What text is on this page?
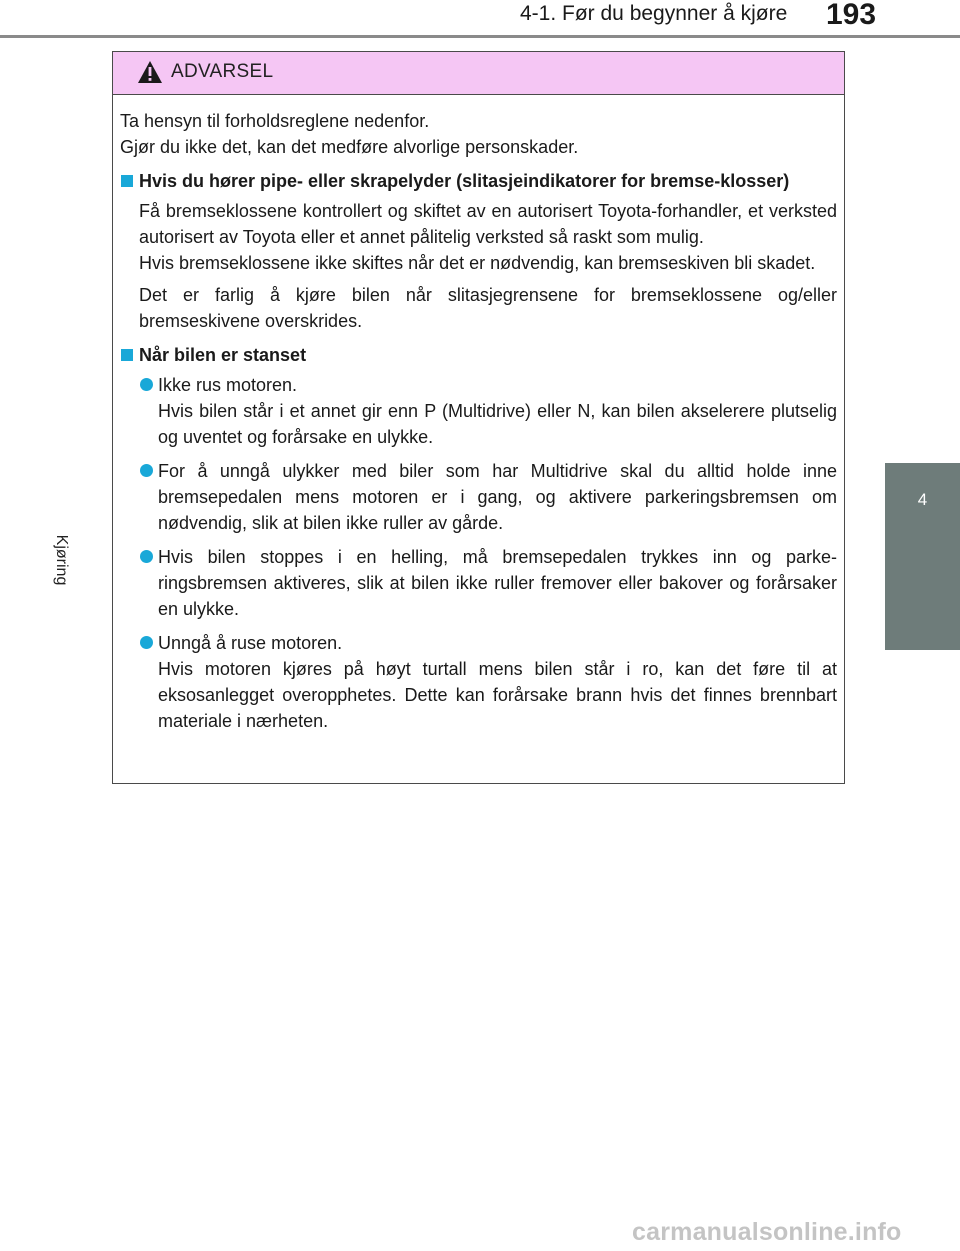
4-1. Før du begynner å kjøre 193
4
Kjøring
ADVARSEL

Ta hensyn til forholdsreglene nedenfor.

Gjør du ikke det, kan det medføre alvorlige personskader.

Hvis du hører pipe- eller skrapelyder (slitasjeindikatorer for bremse-klosser)

Få bremseklossene kontrollert og skiftet av en autorisert Toyota-forhandler, et verksted autorisert av Toyota eller et annet pålitelig verksted så raskt som mulig.

Hvis bremseklossene ikke skiftes når det er nødvendig, kan bremseskiven bli skadet.

Det er farlig å kjøre bilen når slitasjegrensene for bremseklossene og/eller bremseskivene overskrides.

Når bilen er stanset
Ikke rus motoren.
Hvis bilen står i et annet gir enn P (Multidrive) eller N, kan bilen akselerere plutselig og uventet og forårsake en ulykke.
For å unngå ulykker med biler som har Multidrive skal du alltid holde inne bremsepedalen mens motoren er i gang, og aktivere parkeringsbremsen om nødvendig, slik at bilen ikke ruller av gårde.
Hvis bilen stoppes i en helling, må bremsepedalen trykkes inn og parke-ringsbremsen aktiveres, slik at bilen ikke ruller fremover eller bakover og forårsaker en ulykke.
Unngå å ruse motoren.
Hvis motoren kjøres på høyt turtall mens bilen står i ro, kan det føre til at eksosanlegget overopphetes. Dette kan forårsake brann hvis det finnes brennbart materiale i nærheten.
carmanualsonline.info
